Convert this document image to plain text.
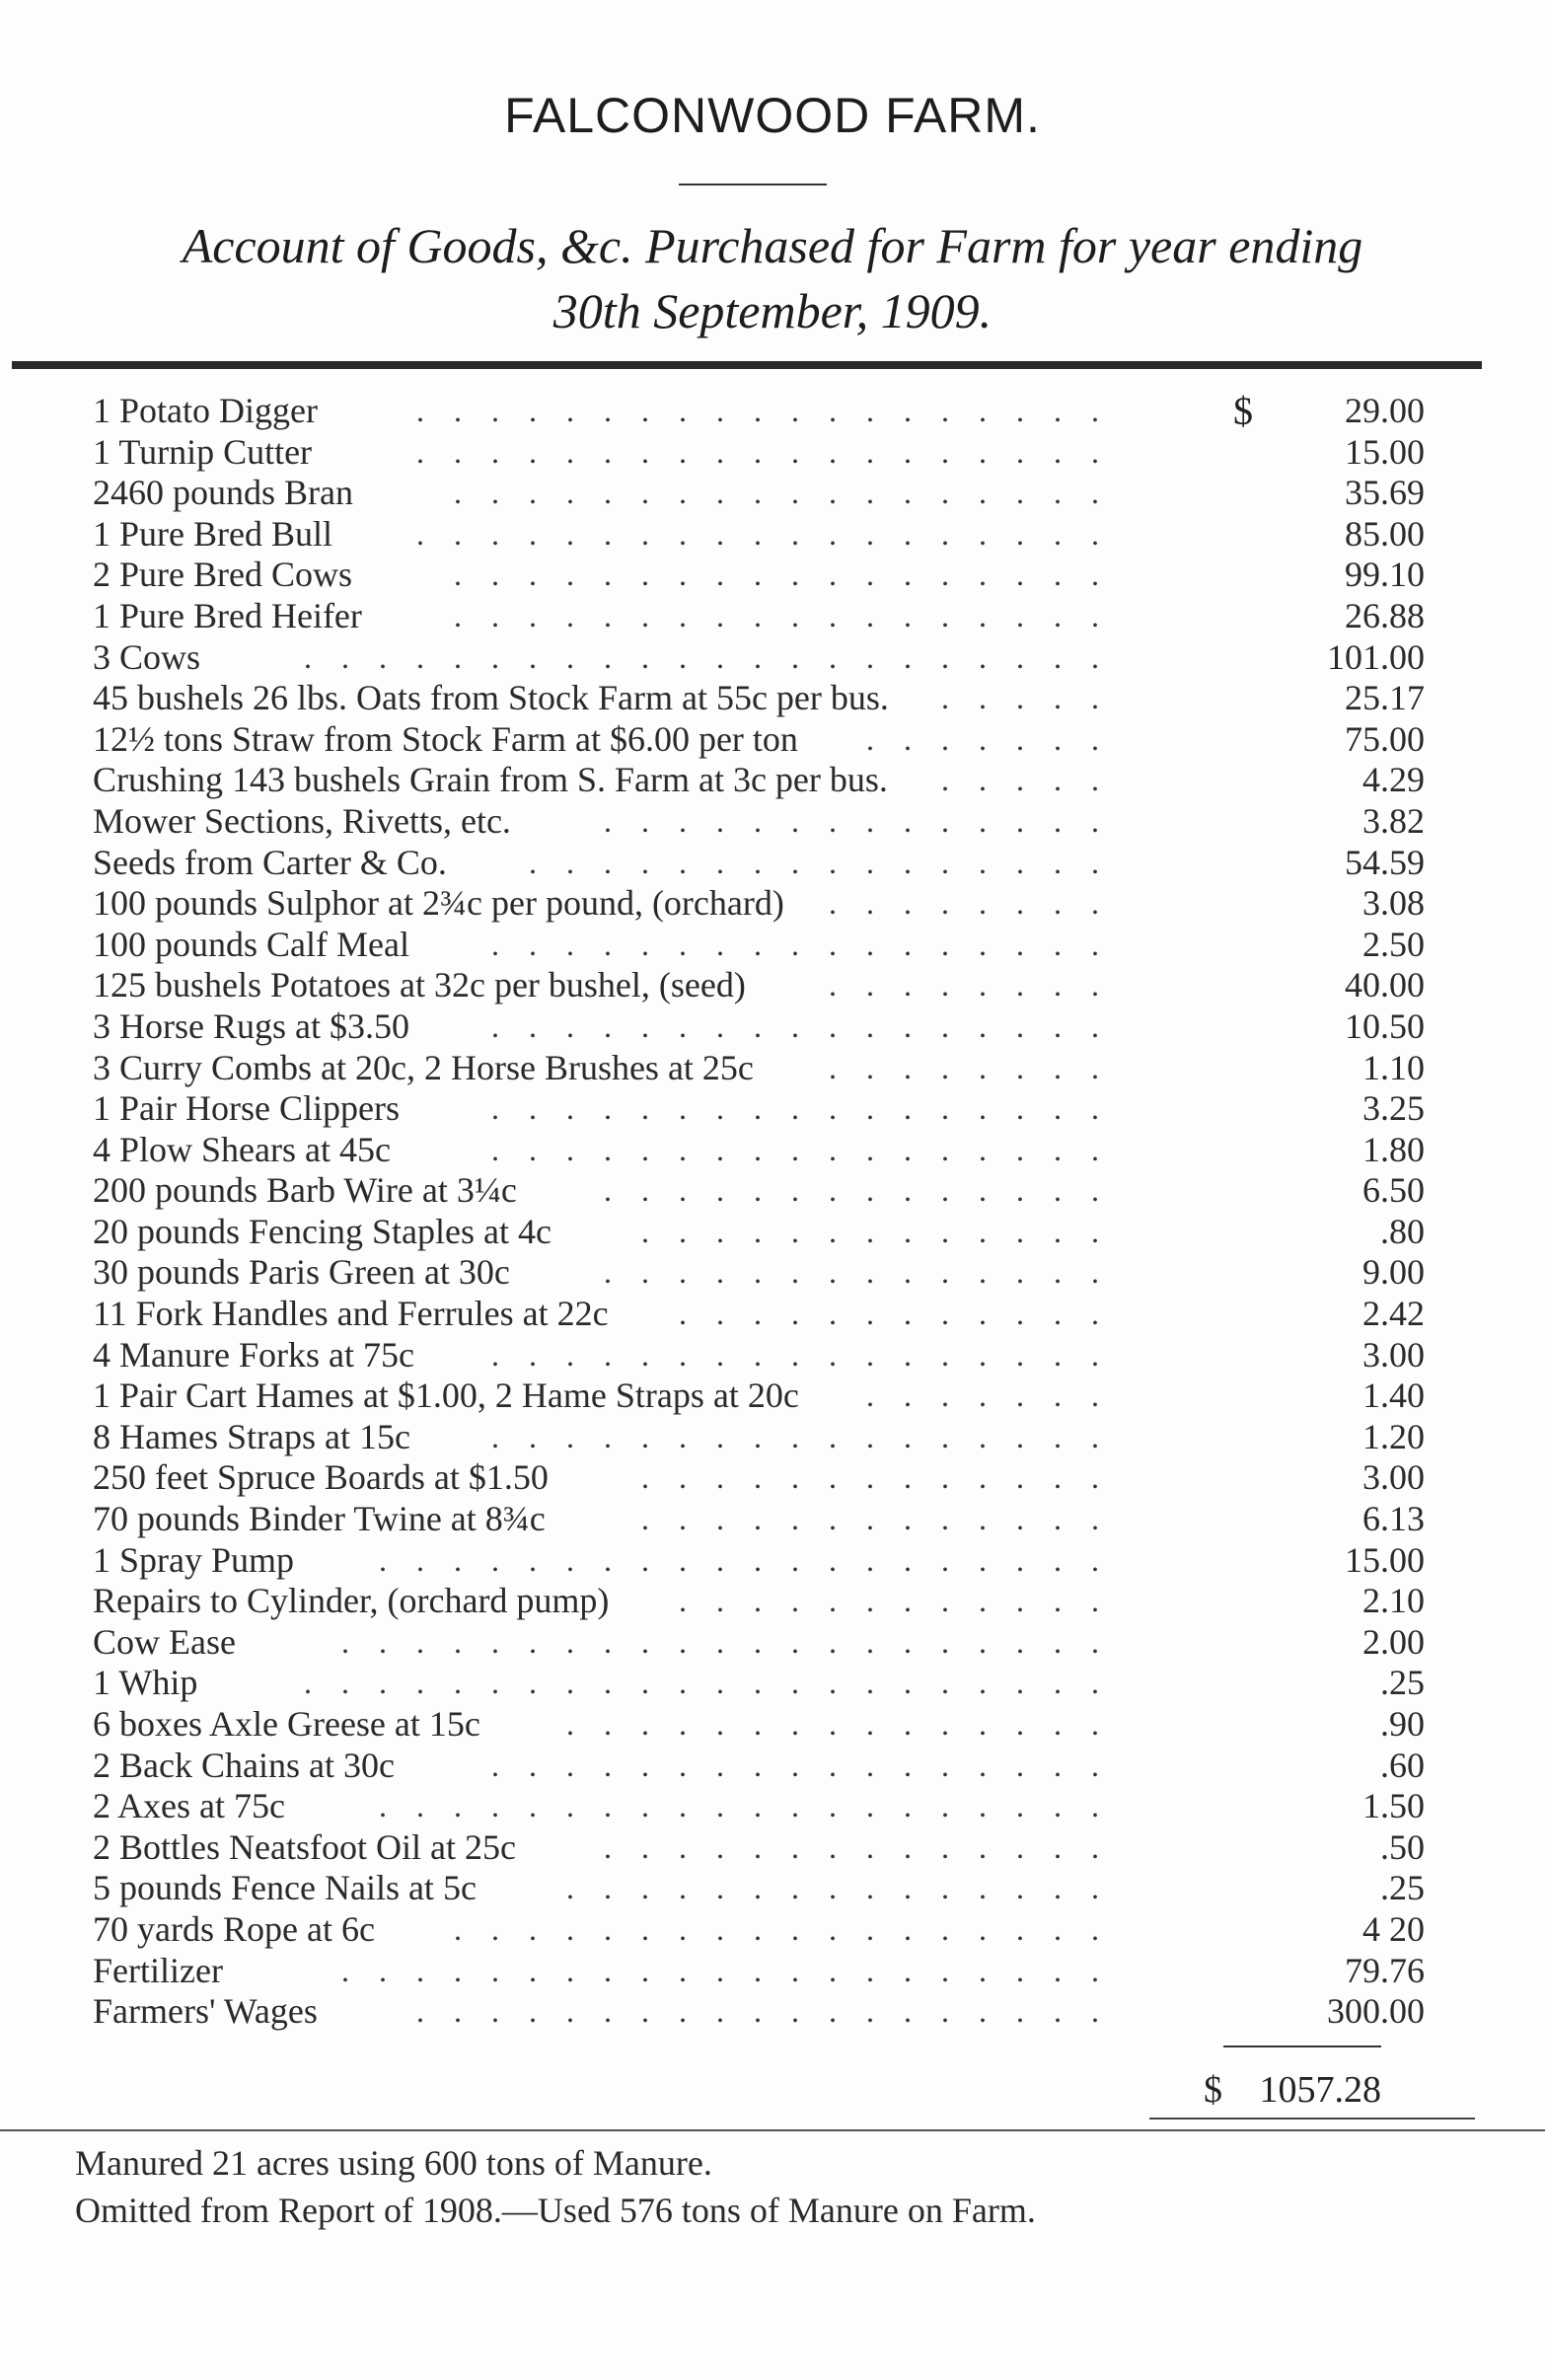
FALCONWOOD FARM.
Account of Goods, &c. Purchased for Farm for year ending
30th September, 1909.
$
1 Potato Digger	29.00
...................
1 Turnip Cutter	15.00
...................
2460 pounds Bran	35.69
..................
1 Pure Bred Bull	85.00
...................
2 Pure Bred Cows	99.10
..................
1 Pure Bred Heifer	26.88
..................
3 Cows	101.00
......................
45 bushels 26 lbs. Oats from Stock Farm at 55c per bus.	25.17
.....
12½ tons Straw from Stock Farm at $6.00 per ton	75.00
.......
Crushing 143 bushels Grain from S. Farm at 3c per bus.	4.29
.....
Mower Sections, Rivetts, etc.	3.82
..............
Seeds from Carter & Co.	54.59
................
100 pounds Sulphor at 2¾c per pound, (orchard)	3.08
........
100 pounds Calf Meal	2.50
.................
125 bushels Potatoes at 32c per bushel, (seed)	40.00
........
3 Horse Rugs at $3.50	10.50
.................
3 Curry Combs at 20c, 2 Horse Brushes at 25c	1.10
........
1 Pair Horse Clippers	3.25
.................
4 Plow Shears at 45c	1.80
.................
200 pounds Barb Wire at 3¼c	6.50
..............
20 pounds Fencing Staples at 4c	.80
.............
30 pounds Paris Green at 30c	9.00
..............
11 Fork Handles and Ferrules at 22c	2.42
............
4 Manure Forks at 75c	3.00
.................
1 Pair Cart Hames at $1.00, 2 Hame Straps at 20c	1.40
.......
8 Hames Straps at 15c	1.20
.................
250 feet Spruce Boards at $1.50	3.00
.............
70 pounds Binder Twine at 8¾c	6.13
.............
1 Spray Pump	15.00
....................
Repairs to Cylinder, (orchard pump)	2.10
............
Cow Ease	2.00
.....................
1 Whip	.25
......................
6 boxes Axle Greese at 15c	.90
...............
2 Back Chains at 30c	.60
.................
2 Axes at 75c	1.50
....................
2 Bottles Neatsfoot Oil at 25c	.50
..............
5 pounds Fence Nails at 5c	.25
...............
70 yards Rope at 6c	4 20
..................
Fertilizer	79.76
.....................
Farmers' Wages	300.00
...................
$ 1057.28
Manured 21 acres using 600 tons of Manure.
Omitted from Report of 1908.—Used 576 tons of Manure on Farm.
